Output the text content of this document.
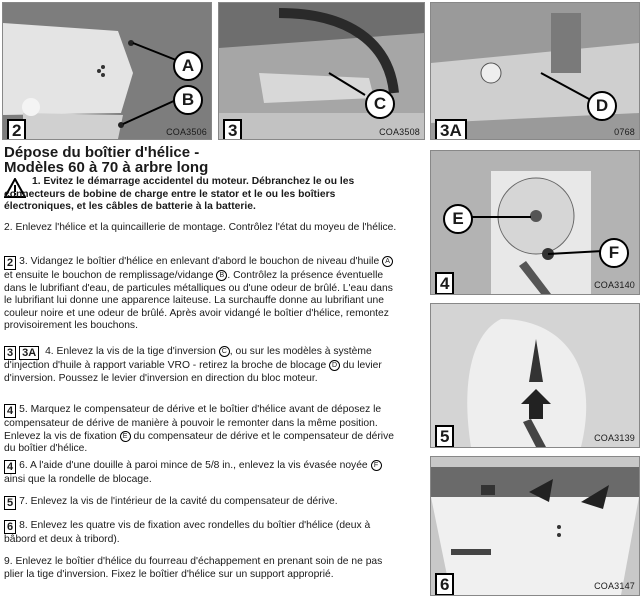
A
B
2	COA3506
C
3	COA3508
D
3A	0768
Dépose du boîtier d'hélice -
Modèles 60 à 70 à arbre long
1. Evitez le démarrage accidentel du moteur. Débranchez le ou les connecteurs de bobine de charge entre le stator et le ou les boîtiers électroniques, et les câbles de batterie à la batterie.
2. Enlevez l'hélice et la quincaillerie de montage. Contrôlez l'état du moyeu de l'hélice.
2 3. Vidangez le boîtier d'hélice en enlevant d'abord le bouchon de niveau d'huile A et ensuite le bouchon de remplissage/vidange B . Contrôlez la présence éventuelle dans le lubrifiant d'eau, de particules métalliques ou d'une odeur de brûlé. L'eau dans le lubrifiant lui donne une apparence laiteuse. La surchauffe donne au lubrifiant une couleur noire et une odeur de brûlé. Après avoir vidangé le boîtier d'hélice, remontez provisoirement les bouchons.
3 3A 4. Enlevez la vis de la tige d'inversion C , ou sur les modèles à système d'injection d'huile à rapport variable VRO - retirez la broche de blocage D du levier d'inversion. Poussez le levier d'inversion en direction du bloc moteur.
4 5. Marquez le compensateur de dérive et le boîtier d'hélice avant de déposez le compensateur de dérive de manière à pouvoir le remonter dans la même position. Enlevez la vis de fixation E du compensateur de dérive et le compensateur de dérive du boîtier d'hélice.
4 6. A l'aide d'une douille à paroi mince de 5/8 in., enlevez la vis évasée noyée F ainsi que la rondelle de blocage.
5 7. Enlevez la vis de l'intérieur de la cavité du compensateur de dérive.
6 8. Enlevez les quatre vis de fixation avec rondelles du boîtier d'hélice (deux à bâbord et deux à tribord).
9. Enlevez le boîtier d'hélice du fourreau d'échappement en prenant soin de ne pas plier la tige d'inversion. Fixez le boîtier d'hélice sur un support approprié.
E
F
4	COA3140
5	COA3139
6	COA3147
